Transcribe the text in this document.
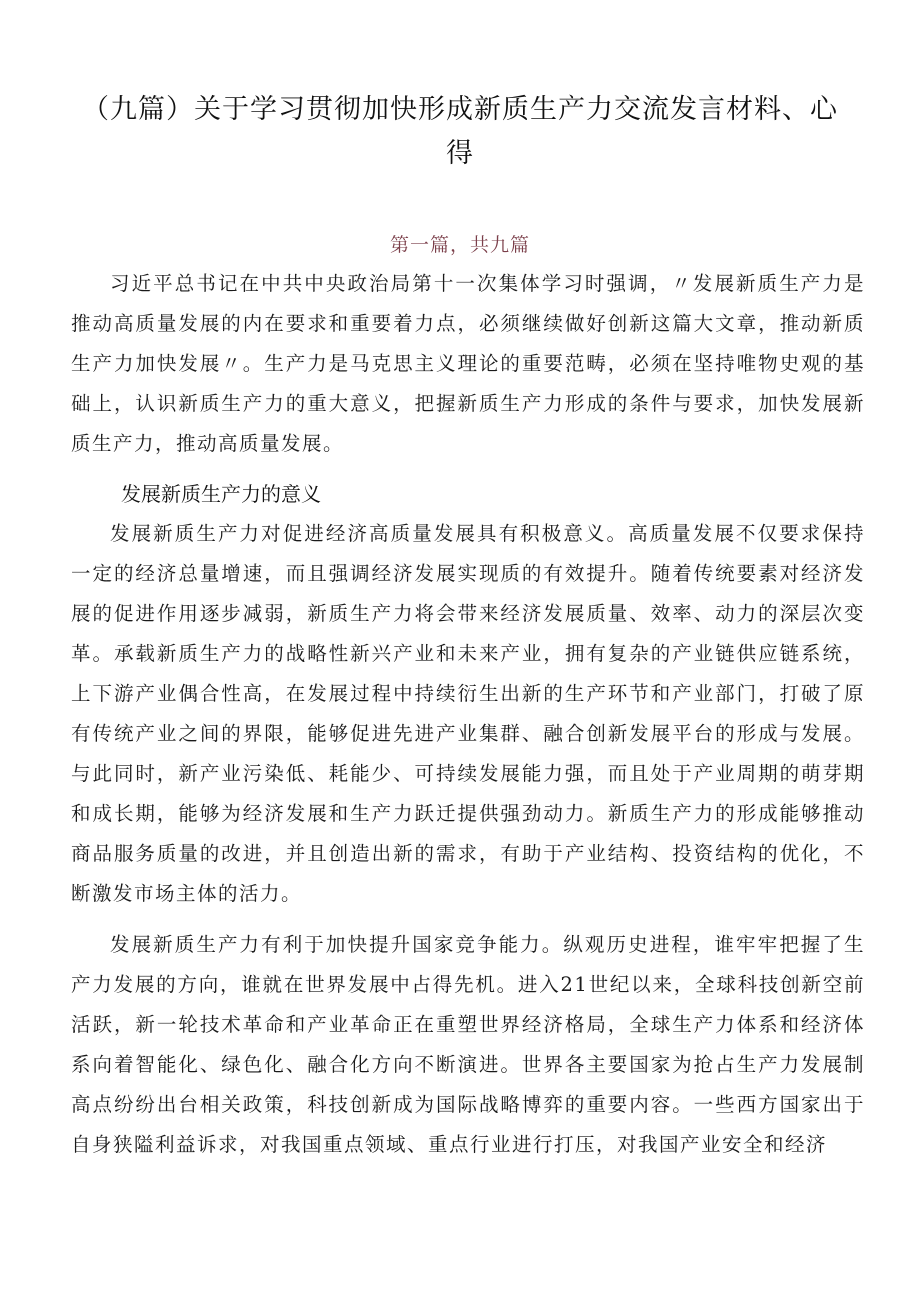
（九篇）关于学习贯彻加快形成新质生产力交流发言材料、心得
第一篇，共九篇

习近平总书记在中共中央政治局第十一次集体学习时强调，〃发展新质生产力是推动高质量发展的内在要求和重要着力点，必须继续做好创新这篇大文章，推动新质生产力加快发展〃。生产力是马克思主义理论的重要范畴，必须在坚持唯物史观的基础上，认识新质生产力的重大意义，把握新质生产力形成的条件与要求，加快发展新质生产力，推动高质量发展。

发展新质生产力的意义

发展新质生产力对促进经济高质量发展具有积极意义。高质量发展不仅要求保持一定的经济总量增速，而且强调经济发展实现质的有效提升。随着传统要素对经济发展的促进作用逐步减弱，新质生产力将会带来经济发展质量、效率、动力的深层次变革。承载新质生产力的战略性新兴产业和未来产业，拥有复杂的产业链供应链系统，上下游产业偶合性高，在发展过程中持续衍生出新的生产环节和产业部门，打破了原有传统产业之间的界限，能够促进先进产业集群、融合创新发展平台的形成与发展。与此同时，新产业污染低、耗能少、可持续发展能力强，而且处于产业周期的萌芽期和成长期，能够为经济发展和生产力跃迁提供强劲动力。新质生产力的形成能够推动商品服务质量的改进，并且创造出新的需求，有助于产业结构、投资结构的优化，不断激发市场主体的活力。

发展新质生产力有利于加快提升国家竞争能力。纵观历史进程，谁牢牢把握了生产力发展的方向，谁就在世界发展中占得先机。进入21世纪以来，全球科技创新空前活跃，新一轮技术革命和产业革命正在重塑世界经济格局，全球生产力体系和经济体系向着智能化、绿色化、融合化方向不断演进。世界各主要国家为抢占生产力发展制高点纷纷出台相关政策，科技创新成为国际战略博弈的重要内容。一些西方国家出于自身狭隘利益诉求，对我国重点领域、重点行业进行打压，对我国产业安全和经济
